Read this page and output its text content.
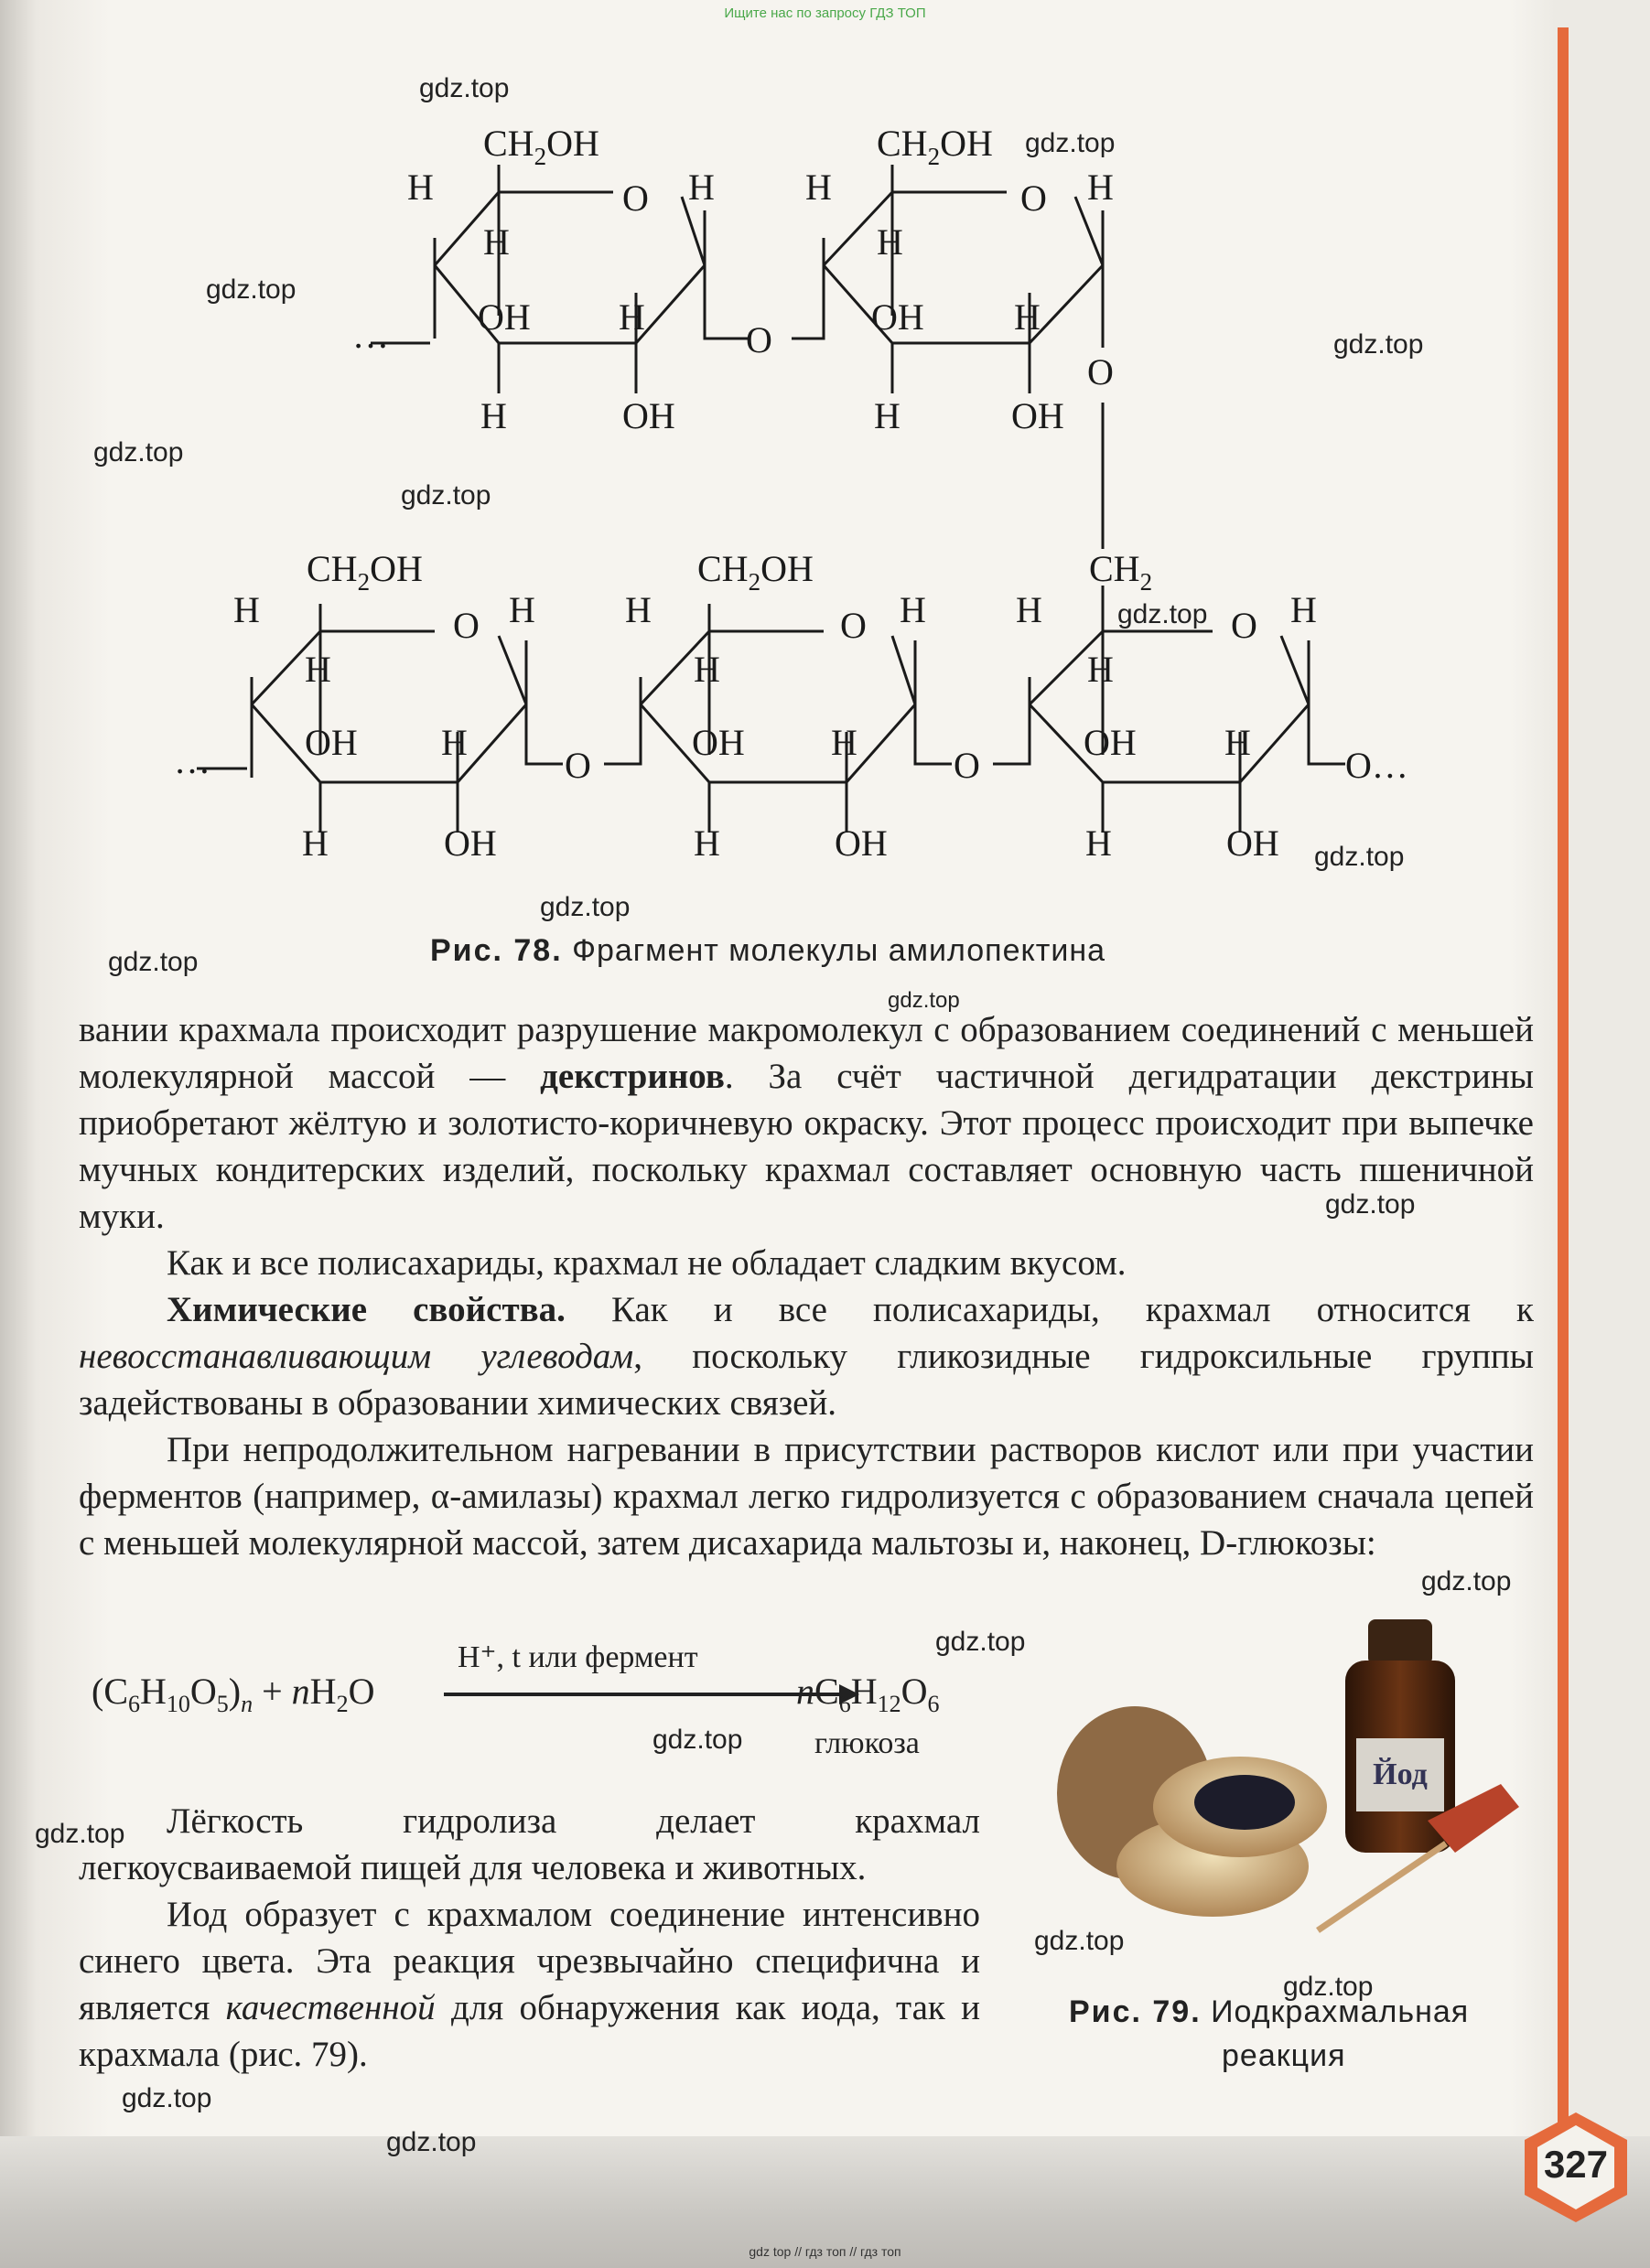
Ищите нас по запросу ГДЗ ТОП
$CH_2OH$
H	O H
H
OH H
…
H	OH
O
$CH_2OH$
H	O H
H
OH H
H	OH
O
$CH_2OH$
H	O H
H
OH H
…
H	OH
O
$CH_2OH$
H	O H
H
OH H
H	OH
O
$CH_2$
H	O H
H
OH H
H	OH
O…
Рис. 78. Фрагмент молекулы амилопектина

вании крахмала происходит разрушение макромолекул с образованием соединений с меньшей молекулярной массой — декстринов. За счёт частичной дегидратации декстрины приобретают жёлтую и золотисто-коричневую окраску. Этот процесс происходит при выпечке мучных кондитерских изделий, поскольку крахмал составляет основную часть пшеничной муки.

Как и все полисахариды, крахмал не обладает сладким вкусом.

Химические свойства. Как и все полисахариды, крахмал относится к невосстанавливающим углеводам, поскольку гликозидные гидроксильные группы задействованы в образовании химических связей.

При непродолжительном нагревании в присутствии растворов кислот или при участии ферментов (например, α-амилазы) крахмал легко гидролизуется с образованием сначала цепей с меньшей молекулярной массой, затем дисахарида мальтозы и, наконец, D-глюкозы:

$(C_6H_{10}O_5)_n + nH_2O$
H⁺, t или фермент
$nC_6H_{12}O_6$
глюкоза

Лёгкость гидролиза делает крахмал легкоусваиваемой пищей для человека и животных.

Иод образует с крахмалом соединение интенсивно синего цвета. Эта реакция чрезвычайно специфична и является качественной для обнаружения как иода, так и крахмала (рис. 79).

Йод
Рис. 79. Иодкрахмальная
реакция
327
gdz top // гдз топ // гдз топ
gdz.top
gdz.top
gdz.top
gdz.top
gdz.top
gdz.top
gdz.top
gdz.top
gdz.top
gdz.top
gdz.top
gdz.top
gdz.top
gdz.top
gdz.top
gdz.top
gdz.top
gdz.top
gdz.top
gdz.top
